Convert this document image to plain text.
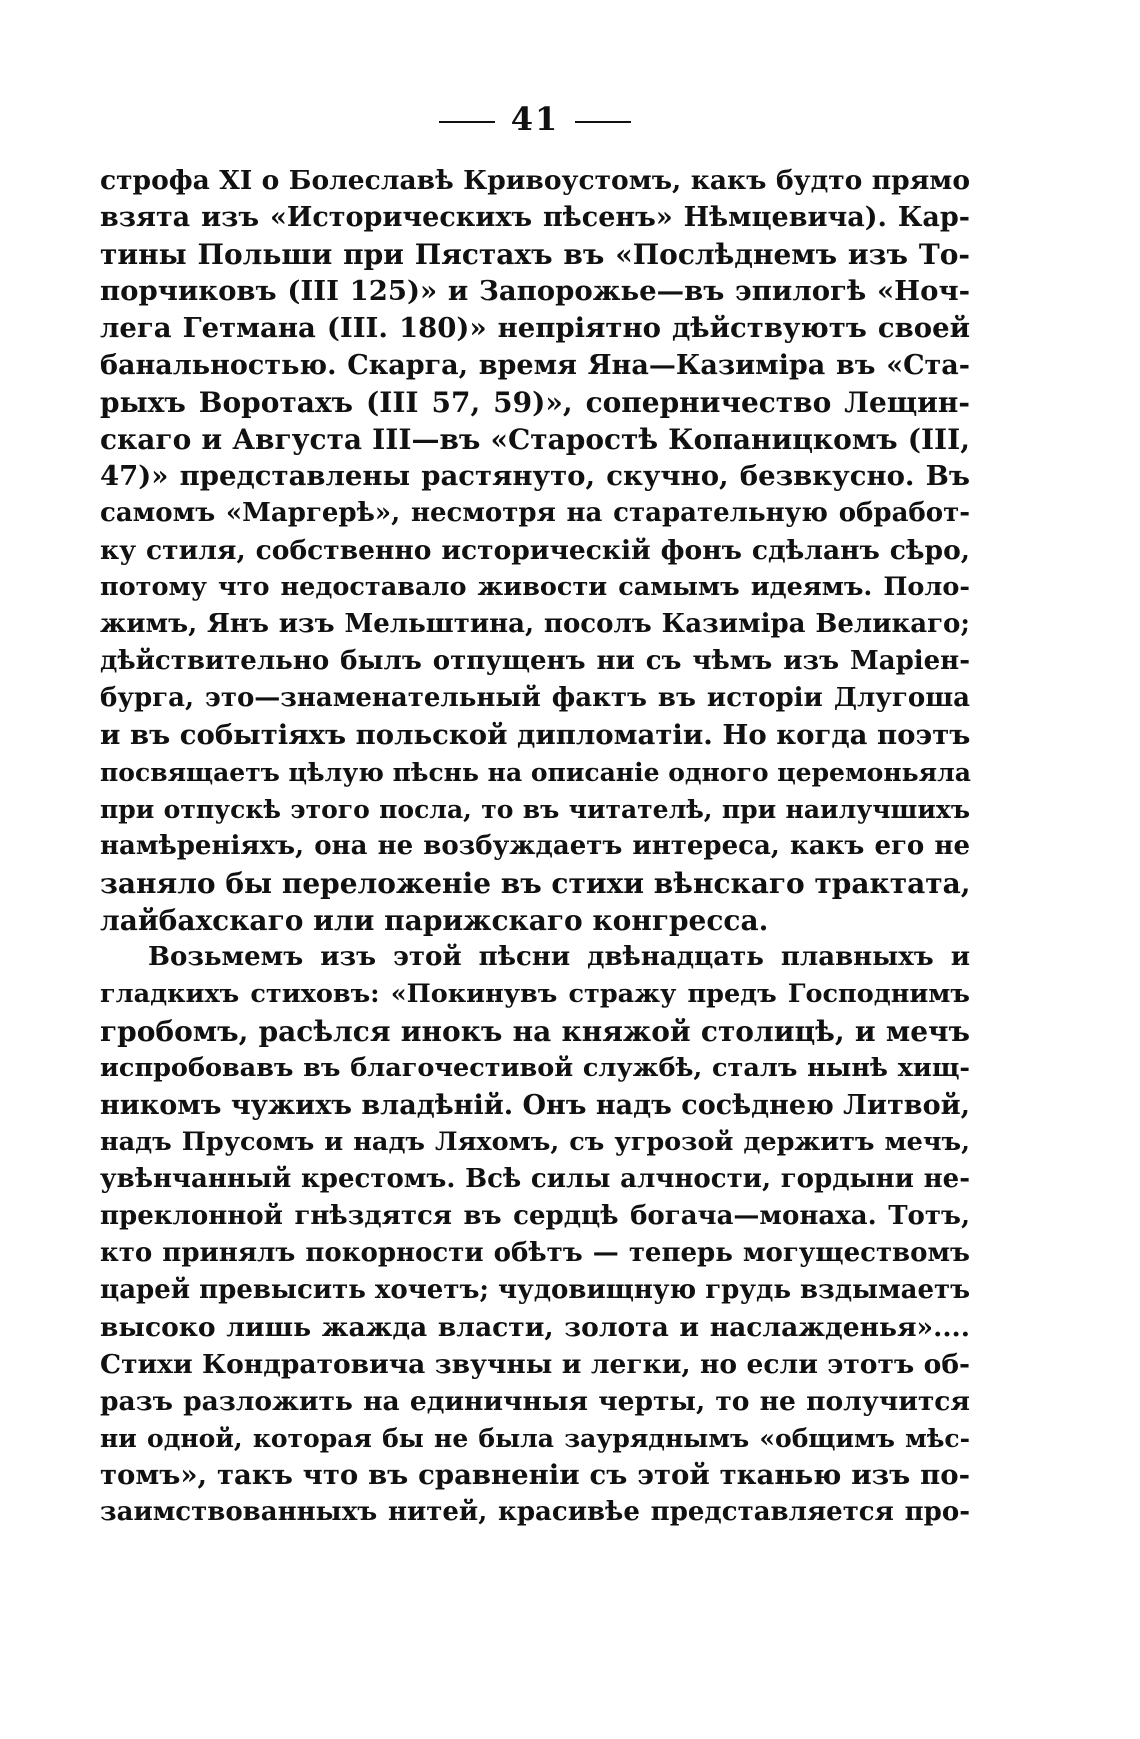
41
строфа XI о Болеславѣ Кривоустомъ, какъ будто прямо
взята изъ «Историческихъ пѣсенъ» Нѣмцевича). Кар-
тины Польши при Пястахъ въ «Послѣднемъ изъ То-
порчиковъ (III 125)» и Запорожье—въ эпилогѣ «Ноч-
лега Гетмана (III. 180)» непріятно дѣйствуютъ своей
банальностью. Скарга, время Яна—Казиміра въ «Ста-
рыхъ Воротахъ (III 57, 59)», соперничество Лещин-
скаго и Августа III—въ «Старостѣ Копаницкомъ (III,
47)» представлены растянуто, скучно, безвкусно. Въ
самомъ «Маргерѣ», несмотря на старательную обработ-
ку стиля, собственно историческій фонъ сдѣланъ сѣро,
потому что недоставало живости самымъ идеямъ. Поло-
жимъ, Янъ изъ Мельштина, посолъ Казиміра Великаго;
дѣйствительно былъ отпущенъ ни съ чѣмъ изъ Маріен-
бурга, это—знаменательный фактъ въ исторіи Длугоша
и въ событіяхъ польской дипломатіи. Но когда поэтъ
посвящаетъ цѣлую пѣснь на описаніе одного церемоньяла
при отпускѣ этого посла, то въ читателѣ, при наилучшихъ
намѣреніяхъ, она не возбуждаетъ интереса, какъ его не
заняло бы переложеніе въ стихи вѣнскаго трактата,
лайбахскаго или парижскаго конгресса.
Возьмемъ изъ этой пѣсни двѣнадцать плавныхъ и
гладкихъ стиховъ: «Покинувъ стражу предъ Господнимъ
гробомъ, расѣлся инокъ на княжой столицѣ, и мечъ
испробовавъ въ благочестивой службѣ, сталъ нынѣ хищ-
никомъ чужихъ владѣній. Онъ надъ сосѣднею Литвой,
надъ Прусомъ и надъ Ляхомъ, съ угрозой держитъ мечъ,
увѣнчанный крестомъ. Всѣ силы алчности, гордыни не-
преклонной гнѣздятся въ сердцѣ богача—монаха. Тотъ,
кто принялъ покорности обѣтъ — теперь могуществомъ
царей превысить хочетъ; чудовищную грудь вздымаетъ
высоко лишь жажда власти, золота и наслажденья»....
Стихи Кондратовича звучны и легки, но если этотъ об-
разъ разложить на единичныя черты, то не получится
ни одной, которая бы не была зауряднымъ «общимъ мѣс-
томъ», такъ что въ сравненіи съ этой тканью изъ по-
заимствованныхъ нитей, красивѣе представляется про-
